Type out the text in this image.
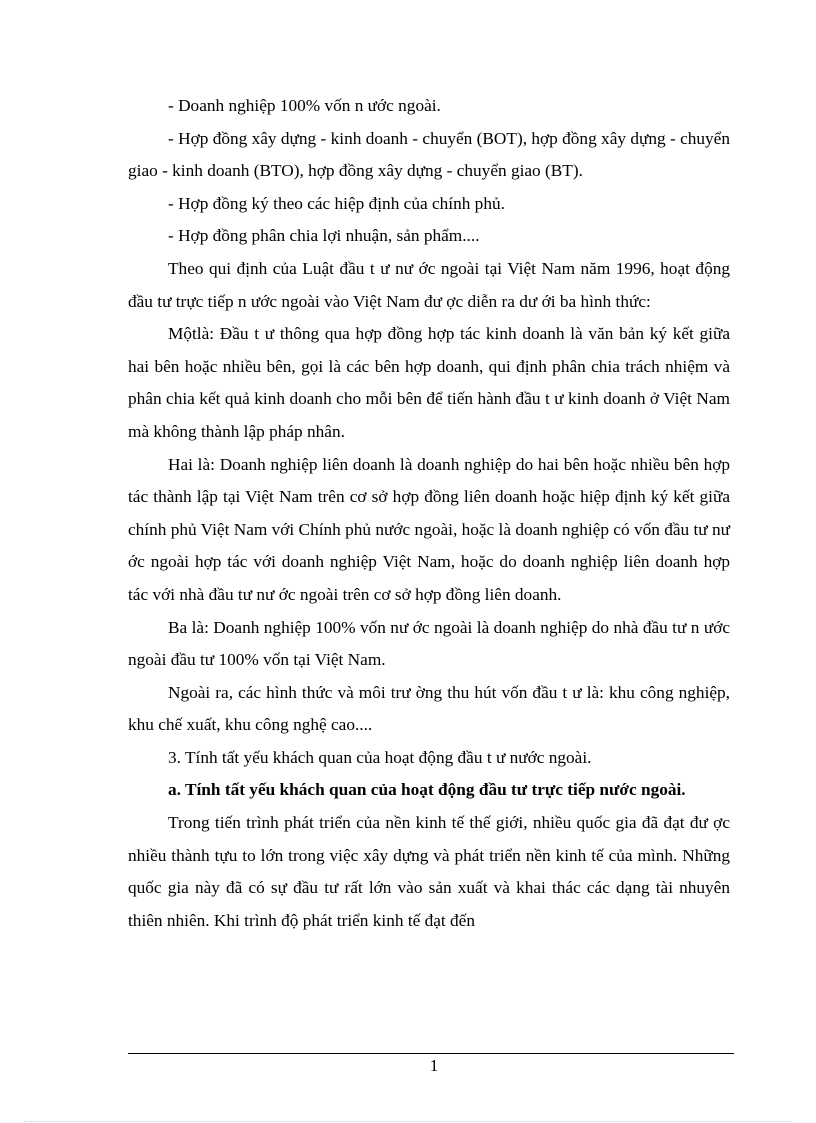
- Doanh nghiệp 100% vốn n ước ngoài.

- Hợp đồng xây dựng - kinh doanh - chuyển (BOT), hợp đồng xây dựng - chuyển giao - kinh doanh (BTO), hợp đồng xây dựng - chuyển giao (BT).

- Hợp đồng ký theo các hiệp định của chính phủ.

- Hợp đồng phân chia lợi nhuận, sản phẩm....

Theo qui định của Luật đầu t ư nư ớc ngoài tại Việt Nam năm 1996, hoạt động đầu tư trực tiếp n ước ngoài vào Việt Nam đư ợc diễn ra dư ới ba hình thức:

Mộtlà: Đầu t ư thông qua hợp đồng hợp tác kinh doanh là văn bản ký kết giữa hai bên hoặc nhiều bên, gọi là các bên hợp doanh, qui định phân chia trách nhiệm và phân chia kết quả kinh doanh cho mỗi bên để tiến hành đầu t ư kinh doanh ở Việt Nam mà không thành lập pháp nhân.

Hai là: Doanh nghiệp liên doanh là doanh nghiệp do hai bên hoặc nhiều bên hợp tác thành lập tại Việt Nam trên cơ sở hợp đồng liên doanh hoặc hiệp định ký kết giữa chính phủ Việt Nam với Chính phủ nước ngoài, hoặc là doanh nghiệp có vốn đầu tư nư ớc ngoài hợp tác với doanh nghiệp Việt Nam, hoặc do doanh nghiệp liên doanh hợp tác với nhà đầu tư nư ớc ngoài trên cơ sở hợp đồng liên doanh.

Ba là: Doanh nghiệp 100% vốn nư ớc ngoài là doanh nghiệp do nhà đầu tư n ước ngoài đầu tư 100% vốn tại Việt Nam.

Ngoài ra, các hình thức và môi trư ờng thu hút vốn đầu t ư là: khu công nghiệp, khu chế xuất, khu công nghệ cao....

3. Tính tất yếu khách quan của hoạt động đầu t ư nước ngoài.

a. Tính tất yếu khách quan của hoạt động đầu tư trực tiếp nước ngoài.

Trong tiến trình phát triển của nền kinh tế thế giới, nhiều quốc gia đã đạt đư ợc nhiều thành tựu to lớn trong việc xây dựng và phát triển nền kinh tế của mình. Những quốc gia này đã có sự đầu tư rất lớn vào sản xuất và khai thác các dạng tài nhuyên thiên nhiên. Khi trình độ phát triển kinh tế đạt đến

1
